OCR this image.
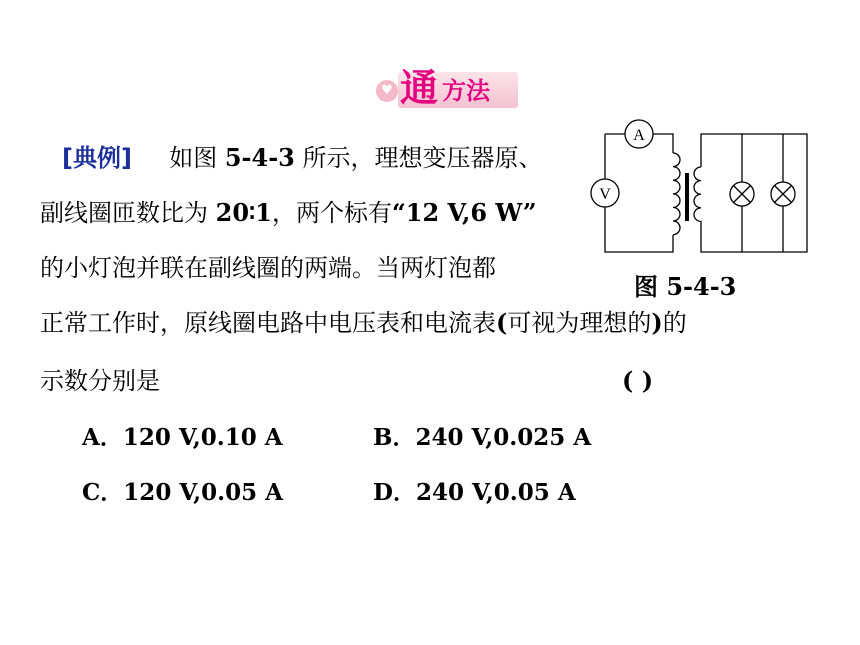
♥ 通 方法
[典例] 如图 5-4-3 所示，理想变压器原、
副线圈匝数比为 20∶1，两个标有“12 V,6 W”
的小灯泡并联在副线圈的两端。当两灯泡都
正常工作时，原线圈电路中电压表和电流表(可视为理想的)的
示数分别是	( )
A．120 V,0.10 A	B．240 V,0.025 A
C．120 V,0.05 A	D．240 V,0.05 A
A
V
图 5-4-3
